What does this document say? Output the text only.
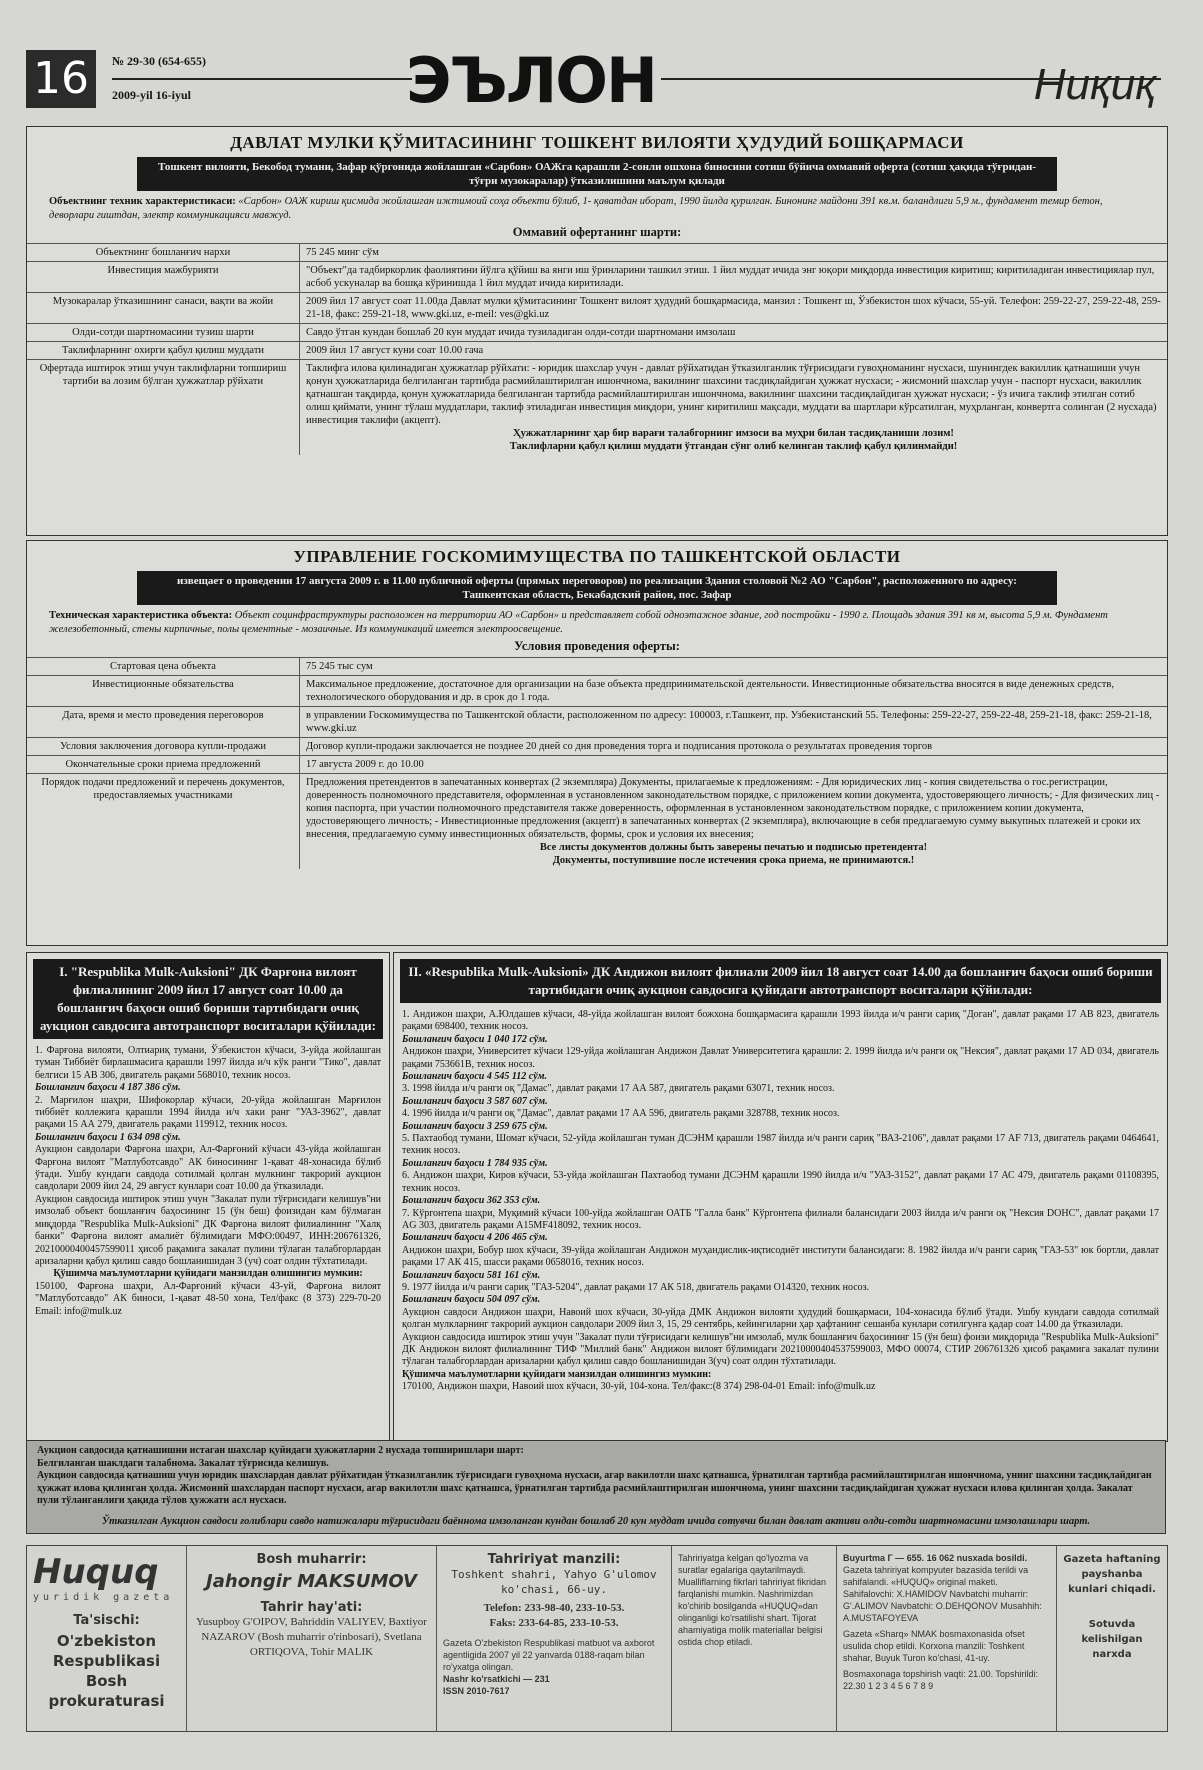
16	№ 29-30 (654-655)
2009-yil 16-iyul	ЭЪЛОН	Ниқиқ
ДАВЛАТ МУЛКИ ҚЎМИТАСИНИНГ ТОШКЕНТ ВИЛОЯТИ ҲУДУДИЙ БОШҚАРМАСИ
Тошкент вилояти, Бекобод тумани, Зафар қўргонида жойлашган «Сарбон» ОАЖга қарашли 2-сонли ошхона биносини сотиш бўйича оммавий оферта (сотиш ҳақида тўғридан-тўғри музокаралар) ўтказилишини маълум қилади
Объектнинг техник характеристикаси: «Сарбон» ОАЖ кириш қисмида жойлашган ижтимоий соҳа объекти бўлиб, 1- қаватдан иборат, 1990 йилда қурилган. Бинонинг майдони 391 кв.м. баландлиги 5,9 м., фундамент темир бетон, деворлари гиштдан, электр коммуникацияси мавжуд.
Оммавий офертанинг шарти:
Объектнинг бошланғич нархи	75 245 минг сўм
Инвестиция мажбурияти	"Объект"да тадбиркорлик фаолиятини йўлга қўйиш ва янги иш ўринларини ташкил этиш. 1 йил муддат ичида энг юқори миқдорда инвестиция киритиш; киритиладиган инвестициялар пул, асбоб ускуналар ва бошқа кўринишда 1 йил муддат ичида киритилади.
Музокаралар ўтказишнинг санаси, вақти ва жойи	2009 йил 17 август соат 11.00да Давлат мулки қўмитасининг Тошкент вилоят ҳудудий бошқармасида, манзил : Тошкент ш, Ўзбекистон шох кўчаси, 55-уй. Телефон: 259-22-27, 259-22-48, 259-21-18, факс: 259-21-18, www.gki.uz, e-meil: ves@gki.uz
Олди-сотди шартномасини тузиш шарти	Савдо ўтган кундан бошлаб 20 кун муддат ичида тузиладиган олди-сотди шартномани имзолаш
Таклифларнинг охирги қабул қилиш муддати	2009 йил 17 август куни соат 10.00 гача
Офертада иштирок этиш учун таклифларни топшириш тартиби ва лозим бўлган ҳужжатлар рўйхати	Таклифга илова қилинадиган ҳужжатлар рўйхати: - юридик шахслар учун - давлат рўйхатидан ўтказилганлик тўғрисидаги гувоҳноманинг нусхаси, шунингдек вакиллик қатнашиши учун қонун ҳужжатларида белгиланган тартибда расмийлаштирилган ишончнома, вакилнинг шахсини тасдиқлайдиган ҳужжат нусхаси; - жисмоний шахслар учун - паспорт нусхаси, вакиллик қатнашган тақдирда, қонун ҳужжатларида белгиланган тартибда расмийлаштирилган ишончнома, вакилнинг шахсини тасдиқлайдиган ҳужжат нусхаси; - ўз ичига таклиф этилган сотиб олиш қиймати, унинг тўлаш муддатлари, таклиф этиладиган инвестиция миқдори, унинг киритилиш мақсади, муддати ва шартлари кўрсатилган, муҳрланган, конвертга солинган (2 нусхада) инвестиция таклифи (акцепт).
Ҳужжатларнинг ҳар бир варағи талабгорнинг имзоси ва муҳри билан тасдиқланиши лозим!
Таклифларни қабул қилиш муддати ўтгандан сўнг олиб келинган таклиф қабул қилинмайди!
УПРАВЛЕНИЕ ГОСКОМИМУЩЕСТВА ПО ТАШКЕНТСКОЙ ОБЛАСТИ
извещает о проведении 17 августа 2009 г. в 11.00 публичной оферты (прямых переговоров) по реализации Здания столовой №2 АО "Сарбон", расположенного по адресу: Ташкентская область, Бекабадский район, пос. Зафар
Техническая характеристика объекта: Объект социнфраструктуры расположен на территории АО «Сарбон» и представляет собой одноэтажное здание, год постройки - 1990 г. Площадь здания 391 кв м, высота 5,9 м. Фундамент железобетонный, стены кирпичные, полы цементные - мозаичные. Из коммуникаций имеется электроосвещение.
Условия проведения оферты:
Стартовая цена объекта	75 245 тыс сум
Инвестиционные обязательства	Максимальное предложение, достаточное для организации на базе объекта предпринимательской деятельности. Инвестиционные обязательства вносятся в виде денежных средств, технологического оборудования и др. в срок до 1 года.
Дата, время и место проведения переговоров	в управлении Госкомимущества по Ташкентской области, расположенном по адресу: 100003, г.Ташкент, пр. Узбекистанский 55. Телефоны: 259-22-27, 259-22-48, 259-21-18, факс: 259-21-18, www.gki.uz
Условия заключения договора купли-продажи	Договор купли-продажи заключается не позднее 20 дней со дня проведения торга и подписания протокола о результатах проведения торгов
Окончательные сроки приема предложений	17 августа 2009 г. до 10.00
Порядок подачи предложений и перечень документов, предоставляемых участниками	Предложения претендентов в запечатанных конвертах (2 экземпляра) Документы, прилагаемые к предложениям: - Для юридических лиц - копия свидетельства о гос.регистрации, доверенность полномочного представителя, оформленная в установленном законодательством порядке, с приложением копии документа, удостоверяющего личность; - Для физических лиц - копия паспорта, при участии полномочного представителя также доверенность, оформленная в установленном законодательством порядке, с приложением копии документа, удостоверяющего личность; - Инвестиционные предложения (акцепт) в запечатанных конвертах (2 экземпляра), включающие в себя предлагаемую сумму выкупных платежей и сроки их внесения, предлагаемую сумму инвестиционных обязательств, формы, срок и условия их внесения;
Все листы документов должны быть заверены печатью и подписью претендента!
Документы, поступившие после истечения срока приема, не принимаются.!
I. "Respublika Mulk-Auksioni" ДК Фарғона вилоят филиалининг 2009 йил 17 август соат 10.00 да бошланғич баҳоси ошиб бориши тартибидаги очиқ аукцион савдосига автотранспорт воситалари қўйилади:

1. Фарғона вилояти, Олтиариқ тумани, Ўзбекистон кўчаси, 3-уйда жойлашган туман Тиббиёт бирлашмасига қарашли 1997 йилда и/ч кўк ранги "Тико", давлат белгиси 15 АВ 306, двигатель рақами 568010, техник носоз.

Бошланғич баҳоси 4 187 386 сўм.

2. Марғилон шаҳри, Шифокорлар кўчаси, 20-уйда жойлашган Марғилон тиббиёт коллежига қарашли 1994 йилда и/ч хаки ранг "УАЗ-3962", давлат рақами 15 АА 279, двигатель рақами 119912, техник носоз.

Бошланғич баҳоси 1 634 098 сўм.

Аукцион савдолари Фарғона шаҳри, Ал-Фарғоний кўчаси 43-уйда жойлашган Фарғона вилоят "Матлуботсавдо" АК биносининг 1-қават 48-хонасида бўлиб ўтади. Ушбу кундаги савдода сотилмай қолган мулкнинг такрорий аукцион савдолари 2009 йил 24, 29 август кунлари соат 10.00 да ўтказилади.

Аукцион савдосида иштирок этиш учун "Закалат пули тўғрисидаги келишув"ни имзолаб объект бошланғич баҳосининг 15 (ўн беш) фоизидан кам бўлмаган миқдорда "Respublika Mulk-Auksioni" ДК Фарғона вилоят филиалининг "Халқ банки" Фарғона вилоят амалиёт бўлимидаги МФО:00497, ИНН:206761326, 20210000400457599011 ҳисоб рақамига закалат пулини тўлаган талабгорлардан аризаларни қабул қилиш савдо бошланишидан 3 (уч) соат олдин тўхтатилади.

Қўшимча маълумотларни қуйидаги манзилдан олишингиз мумкин:

150100, Фарғона шаҳри, Ал-Фарғоний кўчаси 43-уй, Фарғона вилоят "Матлуботсавдо" АК биноси, 1-қават 48-50 хона, Тел/факс (8 373) 229-70-20 Email: info@mulk.uz

II. «Respublika Mulk-Auksioni» ДК Андижон вилоят филиали 2009 йил 18 август соат 14.00 да бошланғич баҳоси ошиб бориши тартибидаги очиқ аукцион савдосига қуйидаги автотранспорт воситалари қўйилади:

1. Андижон шаҳри, А.Юлдашев кўчаси, 48-уйда жойлашган вилоят божхона бошқармасига қарашли 1993 йилда и/ч ранги сариқ "Доган", давлат рақами 17 АВ 823, двигатель рақами 698400, техник носоз.

Бошланғич баҳоси 1 040 172 сўм.

Андижон шаҳри, Университет кўчаси 129-уйда жойлашган Андижон Давлат Университетига қарашли: 2. 1999 йилда и/ч ранги оқ "Нексия", давлат рақами 17 АD 034, двигатель рақами 753661В, техник носоз.

Бошланғич баҳоси 4 545 112 сўм.

3. 1998 йилда и/ч ранги оқ "Дамас", давлат рақами 17 АА 587, двигатель рақами 63071, техник носоз.

Бошланғич баҳоси 3 587 607 сўм.

4. 1996 йилда и/ч ранги оқ "Дамас", давлат рақами 17 АА 596, двигатель рақами 328788, техник носоз.

Бошланғич баҳоси 3 259 675 сўм.

5. Пахтаобод тумани, Шомат кўчаси, 52-уйда жойлашган туман ДСЭНМ қарашли 1987 йилда и/ч ранги сариқ "ВАЗ-2106", давлат рақами 17 AF 713, двигатель рақами 0464641, техник носоз.

Бошланғич баҳоси 1 784 935 сўм.

6. Андижон шаҳри, Киров кўчаси, 53-уйда жойлашган Пахтаобод тумани ДСЭНМ қарашли 1990 йилда и/ч "УАЗ-3152", давлат рақами 17 АС 479, двигатель рақами 01108395, техник носоз.

Бошланғич баҳоси 362 353 сўм.

7. Кўргонтепа шаҳри, Муқимий кўчаси 100-уйда жойлашган ОАТБ "Галла банк" Кўргонтепа филиали балансидаги 2003 йилда и/ч ранги оқ "Нексия DOHC", давлат рақами 17 AG 303, двигатель рақами A15MF418092, техник носоз.

Бошланғич баҳоси 4 206 465 сўм.

Андижон шаҳри, Бобур шох кўчаси, 39-уйда жойлашган Андижон муҳандислик-иқтисодиёт институти балансидаги: 8. 1982 йилда и/ч ранги сариқ "ГАЗ-53" юк бортли, давлат рақами 17 АК 415, шасси рақами 0658016, техник носоз.

Бошланғич баҳоси 581 161 сўм.

9. 1977 йилда и/ч ранги сариқ "ГАЗ-5204", давлат рақами 17 АК 518, двигатель рақами О14320, техник носоз.

Бошланғич баҳоси 504 097 сўм.

Аукцион савдоси Андижон шаҳри, Навоий шох кўчаси, 30-уйда ДМК Андижон вилояти ҳудудий бошқармаси, 104-хонасида бўлиб ўтади. Ушбу кундаги савдода сотилмай қолган мулкларнинг такрорий аукцион савдолари 2009 йил 3, 15, 29 сентябрь, кейингиларни ҳар ҳафтанинг сешанба кунлари сотилгунга қадар соат 14.00 да ўтказилади.

Аукцион савдосида иштирок этиш учун "Закалат пули тўғрисидаги келишув"ни имзолаб, мулк бошланғич баҳосининг 15 (ўн беш) фоизи миқдорида "Respublika Mulk-Auksioni" ДК Андижон вилоят филиалининг ТИФ "Миллий банк" Андижон вилоят бўлимидаги 20210000404537599003, МФО 00074, СТИР 206761326 ҳисоб рақамига закалат пулини тўлаган талабгорлардан аризаларни қабул қилиш савдо бошланишидан 3(уч) соат олдин тўхтатилади.

Қўшимча маълумотларни қуйидаги манзилдан олишингиз мумкин:

170100, Андижон шаҳри, Навоий шох кўчаси, 30-уй, 104-хона. Тел/факс:(8 374) 298-04-01 Email: info@mulk.uz

Аукцион савдосида қатнашишни истаган шахслар қуйидаги ҳужжатларни 2 нусхада топширишлари шарт:
Белгиланган шаклдаги талабнома. Закалат тўғрисида келишув.
Аукцион савдосида қатнашиш учун юридик шахслардан давлат рўйхатидан ўтказилганлик тўғрисидаги гувоҳнома нусхаси, агар вакилотли шахс қатнашса, ўрнатилган тартибда расмийлаштирилган ишончнома, унинг шахсини тасдиқлайдиган ҳужжат илова қилинган ҳолда. Жисмоний шахслардан паспорт нусхаси, агар вакилотли шахс қатнашса, ўрнатилган тартибда расмийлаштирилган ишончнома, унинг шахсини тасдиқлайдиган ҳужжат нусхаси илова қилинган ҳолда. Закалат пули тўланганлиги ҳақида тўлов ҳужжати асл нусхаси.
Ўтказилган Аукцион савдоси ғолиблари савдо натижалари тўғрисидаги баённома имзоланган кундан бошлаб 20 кун муддат ичида сотувчи билан давлат активи олди-сотди шартномасини имзолашлари шарт.
Huquq
yuridik gazeta
Ta'sischi:
O'zbekiston Respublikasi Bosh prokuraturasi
Bosh muharrir:
Jahongir MAKSUMOV
Tahrir hay'ati:
Yusupboy G'OIPOV, Bahriddin VALIYEV, Baxtiyor NAZAROV (Bosh muharrir o'rinbosari), Svetlana ORTIQOVA, Tohir MALIK
Tahririyat manzili:
Toshkent shahri, Yahyo G'ulomov ko'chasi, 66-uy.
Telefon: 233-98-40, 233-10-53.
Faks: 233-64-85, 233-10-53.
Gazeta O'zbekiston Respublikasi matbuot va axborot agentligida 2007 yil 22 yanvarda 0188-raqam bilan ro'yxatga olingan.
Nashr ko'rsatkichi — 231
ISSN 2010-7617
Tahririyatga kelgan qo'lyozma va suratlar egalariga qaytarilmaydi. Mualliflarning fikrlari tahririyat fikridan farqlanishi mumkin. Nashrimizdan ko'chirib bosilganda «HUQUQ»dan olinganligi ko'rsatilishi shart. Tijorat ahamiyatiga molik materiallar belgisi ostida chop etiladi.
Buyurtma Г — 655. 16 062 nusxada bosildi.
Gazeta tahririyat kompyuter bazasida terildi va sahifalandi. «HUQUQ» original maketi. Sahifalovchi: X.HAMIDOV Navbatchi muharrir: G'.ALIMOV Navbatchi: O.DEHQONOV Musahhih: A.MUSTAFOYEVA
Gazeta «Sharq» NMAK bosmaxonasida ofset usulida chop etildi. Korxona manzili: Toshkent shahar, Buyuk Turon ko'chasi, 41-uy.
Bosmaxonaga topshirish vaqti: 21.00. Topshirildi: 22.30 1 2 3 4 5 6 7 8 9
Gazeta haftaning payshanba kunlari chiqadi.
Sotuvda kelishilgan narxda
